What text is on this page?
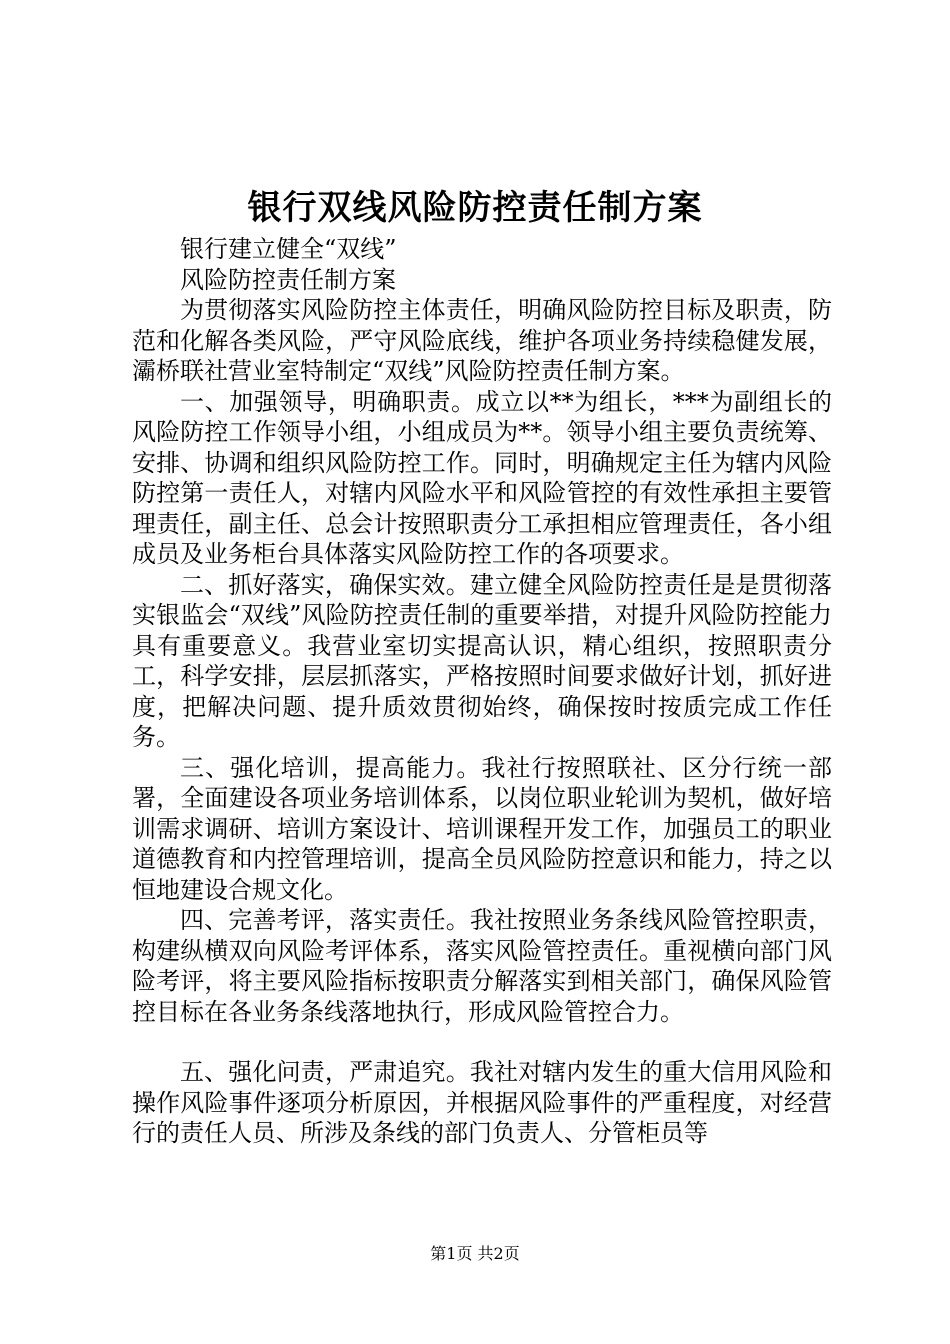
银行双线风险防控责任制方案

银行建立健全“双线”

风险防控责任制方案

为贯彻落实风险防控主体责任，明确风险防控目标及职责，防范和化解各类风险，严守风险底线，维护各项业务持续稳健发展，灞桥联社营业室特制定“双线”风险防控责任制方案。

一、加强领导，明确职责。成立以**为组长，***为副组长的风险防控工作领导小组，小组成员为**。领导小组主要负责统筹、安排、协调和组织风险防控工作。同时，明确规定主任为辖内风险防控第一责任人，对辖内风险水平和风险管控的有效性承担主要管理责任，副主任、总会计按照职责分工承担相应管理责任，各小组成员及业务柜台具体落实风险防控工作的各项要求。

二、抓好落实，确保实效。建立健全风险防控责任是是贯彻落实银监会“双线”风险防控责任制的重要举措，对提升风险防控能力具有重要意义。我营业室切实提高认识，精心组织，按照职责分工，科学安排，层层抓落实，严格按照时间要求做好计划，抓好进度，把解决问题、提升质效贯彻始终，确保按时按质完成工作任务。

三、强化培训，提高能力。我社行按照联社、区分行统一部署，全面建设各项业务培训体系，以岗位职业轮训为契机，做好培训需求调研、培训方案设计、培训课程开发工作，加强员工的职业道德教育和内控管理培训，提高全员风险防控意识和能力，持之以恒地建设合规文化。

四、完善考评，落实责任。我社按照业务条线风险管控职责，构建纵横双向风险考评体系，落实风险管控责任。重视横向部门风险考评，将主要风险指标按职责分解落实到相关部门，确保风险管控目标在各业务条线落地执行，形成风险管控合力。

五、强化问责，严肃追究。我社对辖内发生的重大信用风险和操作风险事件逐项分析原因，并根据风险事件的严重程度，对经营行的责任人员、所涉及条线的部门负责人、分管柜员等

第1页 共2页
